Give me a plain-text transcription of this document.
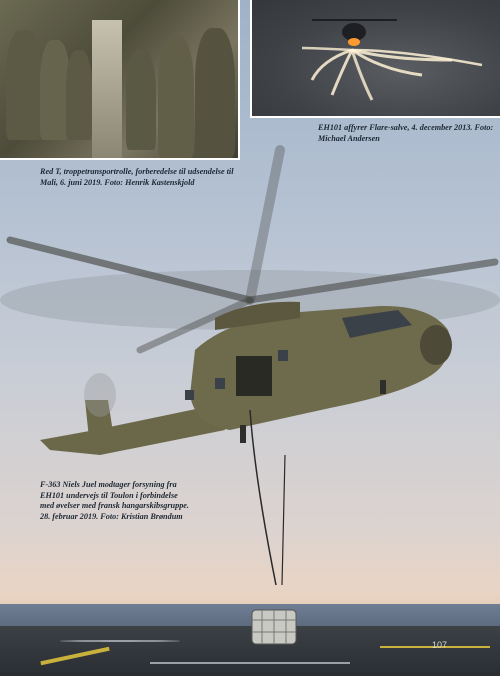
107

Red T, troppetransportrolle, forberedelse til udsendelse til Mali, 6. juni 2019. Foto: Henrik Kastenskjold

EH101 affyrer Flare-salve, 4. december 2013. Foto: Michael Andersen

F-363 Niels Juel modtager forsyning fra EH101 undervejs til Toulon i forbindelse med øvelser med fransk hangarskibsgruppe. 28. februar 2019. Foto: Kristian Brøndum
